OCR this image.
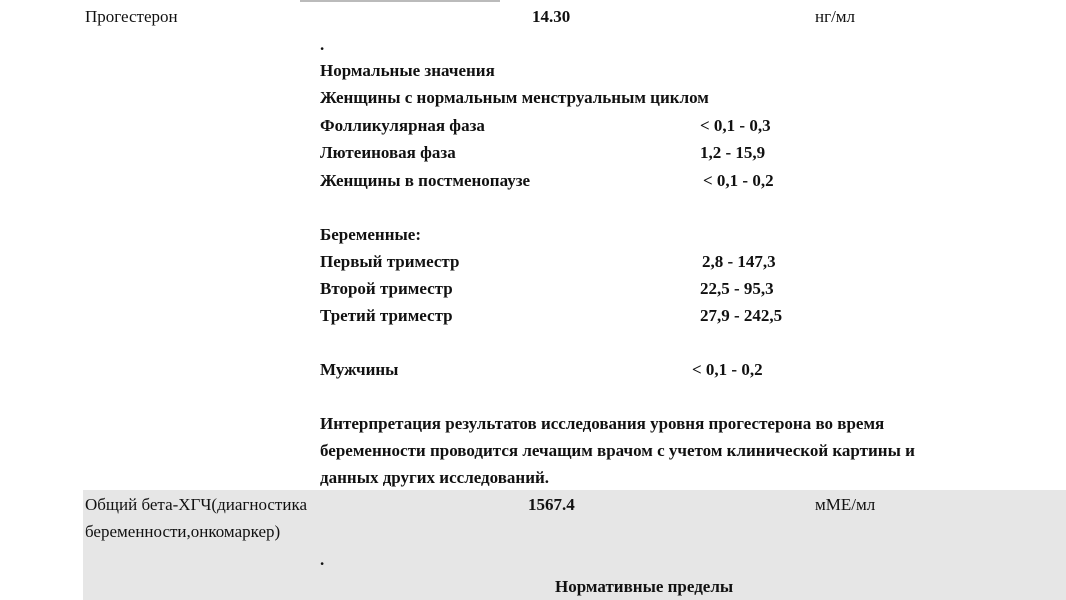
Прогестерон	14.30	нг/мл
.
Нормальные значения
Женщины с нормальным менструальным циклом
Фолликулярная фаза	< 0,1 - 0,3
Лютеиновая фаза	1,2 - 15,9
Женщины в постменопаузе	< 0,1 - 0,2
Беременные:
Первый триместр	2,8 - 147,3
Второй триместр	22,5 - 95,3
Третий триместр	27,9 - 242,5
Мужчины	< 0,1 - 0,2
Интерпретация результатов исследования уровня прогестерона во время
беременности проводится лечащим врачом с учетом клинической картины и
данных других исследований.
Общий бета-ХГЧ(диагностика
беременности,онкомаркер)
1567.4	мМЕ/мл
.
Нормативные пределы
